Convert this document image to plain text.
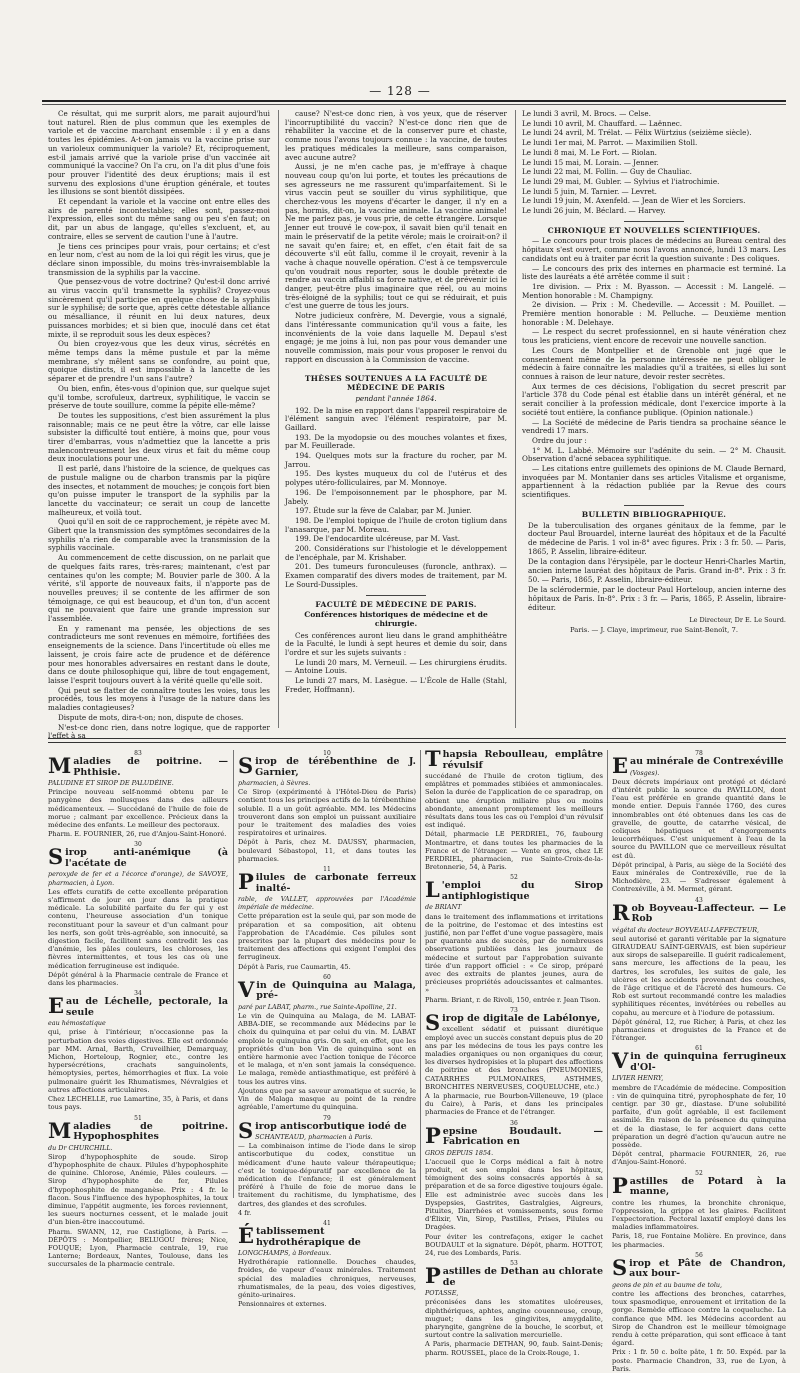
— 128 —

Ce résultat, qui me surprit alors, me parait aujourd'hui tout naturel. Rien de plus commun que les exemples de variole et de vaccine marchant ensemble : il y en a dans toutes les épidémies. A-t-on jamais vu la vaccine prise sur un varioleux communiquer la variole? Et, réciproquement, est-il jamais arrivé que la variole prise d'un vaccinée ait communiqué la vaccine? On l'a cru, on l'a dit plus d'une fois pour prouver l'identité des deux éruptions; mais il est survenu des explosions d'une éruption générale, et toutes les illusions se sont bientôt dissipées.

Et cependant la variole et la vaccine ont entre elles des airs de parenté incontestables; elles sont, passez-moi l'expression, elles sont du même sang ou peu s'en faut; on dit, par un abus de langage, qu'elles s'excluent, et, au contraire, elles se servent de caution l'une à l'autre.

Je tiens ces principes pour vrais, pour certains; et c'est en leur nom, c'est au nom de la loi qui régit les virus, que je déclare sinon impossible, du moins très-invraisemblable la transmission de la syphilis par la vaccine.

Que pensez-vous de votre doctrine? Qu'est-il donc arrivé au virus vaccin qu'il transmette la syphilis? Croyez-vous sincèrement qu'il participe en quelque chose de la syphilis sur le syphilisé; de sorte que, après cette détestable alliance ou mésalliance, il réunit en lui deux natures, deux puissances morbides; et si bien que, inoculé dans cet état mixte, il se reproduit sous les deux espèces?

Ou bien croyez-vous que les deux virus, sécrétés en même temps dans la même pustule et par la même membrane, s'y mêlent sans se confondre, au point que, quoique distincts, il est impossible à la lancette de les séparer et de prendre l'un sans l'autre?

Ou bien, enfin, êtes-vous d'opinion que, sur quelque sujet qu'il tombe, scrofuleux, dartreux, syphilitique, le vaccin se préserve de toute souillure, comme la pépite elle-même?

De toutes les suppositions, c'est bien assurément la plus raisonnable; mais ce ne peut être la vôtre, car elle laisse subsister la difficulté tout entière, à moins que, pour vous tirer d'embarras, vous n'admettiez que la lancette a pris malencontreusement les deux virus et fait du même coup deux inoculations pour une.

Il est parlé, dans l'histoire de la science, de quelques cas de pustule maligne ou de charbon transmis par la piqûre des insectes, et notamment de mouches; je conçois fort bien qu'on puisse imputer le transport de la syphilis par la lancette du vaccinateur; ce serait un coup de lancette malheureux, et voilà tout.

Quoi qu'il en soit de ce rapprochement, je répète avec M. Gibert que la transmission des symptômes secondaires de la syphilis n'a rien de comparable avec la transmission de la syphilis vaccinale.

Au commencement de cette discussion, on ne parlait que de quelques faits rares, très-rares; maintenant, c'est par centaines qu'on les compte; M. Bouvier parle de 300. A la vérité, s'il apporte de nouveaux faits, il n'apporte pas de nouvelles preuves; il se contente de les affirmer de son témoignage, ce qui est beaucoup, et d'un ton, d'un accent qui ne pouvaient que faire une grande impression sur l'assemblée.

En y ramenant ma pensée, les objections de ses contradicteurs me sont revenues en mémoire, fortifiées des enseignements de la science. Dans l'incertitude où elles me laissent, je crois faire acte de prudence et de déférence pour mes honorables adversaires en restant dans le doute, dans ce doute philosophique qui, libre de tout engagement, laisse l'esprit toujours ouvert à la vérité quelle qu'elle soit.

Qui peut se flatter de connaître toutes les voies, tous les procédés, tous les moyens à l'usage de la nature dans les maladies contagieuses?

Dispute de mots, dira-t-on; non, dispute de choses.

N'est-ce donc rien, dans notre logique, que de rapporter l'effet à sa

cause? N'est-ce donc rien, à vos yeux, que de réserver l'incorruptibilité du vaccin? N'est-ce donc rien que de réhabiliter la vaccine et de la conserver pure et chaste, comme nous l'avons toujours connue : la vaccine, de toutes les pratiques médicales la meilleure, sans comparaison, avec aucune autre?

Aussi, je ne m'en cache pas, je m'effraye à chaque nouveau coup qu'on lui porte, et toutes les précautions de ses agresseurs ne me rassurent qu'imparfaitement. Si le virus vaccin peut se souiller du virus syphilitique, que cherchez-vous les moyens d'écarter le danger, il n'y en a pas, hormis, dit-on, la vaccine animale. La vaccine animale! Ne me parlez pas, je vous prie, de cette étrangère. Lorsque Jenner eut trouvé le cow-pox, il savait bien qu'il tenait en main le préservatif de la petite vérole; mais le croirait-on? il ne savait qu'en faire; et, en effet, c'en était fait de sa découverte s'il eût fallu, comme il le croyait, revenir à la vache à chaque nouvelle opération. C'est à ce tempsvercule qu'on voudrait nous reporter, sous le double prétexte de rendre au vaccin affaibli sa force native, et de prévenir ici le danger, peut-être plus imaginaire que réel, ou au moins très-éloigné de la syphilis; tout ce qui se réduirait, et puis c'est une guerre de tous les jours.

Notre judicieux confrère, M. Devergie, vous a signalé, dans l'intéressante communication qu'il vous a faite, les inconvénients de la voie dans laquelle M. Depaul s'est engagé; je me joins à lui, non pas pour vous demander une nouvelle commission, mais pour vous proposer le renvoi du rapport en discussion à la Commission de vaccine.

THÈSES SOUTENUES A LA FACULTÉ DE MÉDECINE DE PARIS
pendant l'année 1864.

192. De la mise en rapport dans l'appareil respiratoire de l'élément sanguin avec l'élément respiratoire, par M. Gaillard.

193. De la myodopsie ou des mouches volantes et fixes, par M. Feuillerade.

194. Quelques mots sur la fracture du rocher, par M. Jarrou.

195. Des kystes muqueux du col de l'utérus et des polypes utéro-folliculaires, par M. Monnoye.

196. De l'empoisonnement par le phosphore, par M. Jabely.

197. Étude sur la fève de Calabar, par M. Junier.

198. De l'emploi topique de l'huile de croton tiglium dans l'anasarque, par M. Moreau.

199. De l'endocardite ulcéreuse, par M. Vast.

200. Considérations sur l'histologie et le développement de l'encéphale, par M. Krishaber.

201. Des tumeurs furonculeuses (furoncle, anthrax). — Examen comparatif des divers modes de traitement, par M. Le Sourd-Dussiples.

FACULTÉ DE MÉDECINE DE PARIS.
Conférences historiques de médecine et de chirurgie.

Ces conférences auront lieu dans le grand amphithéâtre de la Faculté, le lundi à sept heures et demie du soir, dans l'ordre et sur les sujets suivants :

Le lundi 20 mars, M. Verneuil. — Les chirurgiens érudits. — Antoine Louis.

Le lundi 27 mars, M. Lasègue. — L'École de Halle (Stahl, Freder, Hoffmann).

Le lundi 3 avril, M. Brocs. — Celse.

Le lundi 10 avril, M. Chauffard. — Laënnec.

Le lundi 24 avril, M. Trélat. — Félix Würtzius (seizième siècle).

Le lundi 1er mai, M. Parrot. — Maximilien Stoll.

Le lundi 8 mai, M. Le Fort. — Riolan.

Le lundi 15 mai, M. Lorain. — Jenner.

Le lundi 22 mai, M. Follin. — Guy de Chauliac.

Le lundi 29 mai, M. Gubler. — Sylvius et l'iatrochimie.

Le lundi 5 juin, M. Tarnier. — Levret.

Le lundi 19 juin, M. Axenfeld. — Jean de Wier et les Sorciers.

Le lundi 26 juin, M. Béclard. — Harvey.

CHRONIQUE ET NOUVELLES SCIENTIFIQUES.

— Le concours pour trois places de médecins au Bureau central des hôpitaux s'est ouvert, comme nous l'avons annoncé, lundi 13 mars. Les candidats ont eu à traiter par écrit la question suivante : Des coliques.

— Le concours des prix des internes en pharmacie est terminé. La liste des lauréats a été arrêtée comme il suit :

1re division. — Prix : M. Byasson. — Accessit : M. Langelé. — Mention honorable : M. Champigny.

2e division. — Prix : M. Chedeville. — Accessit : M. Pouillet. — Première mention honorable : M. Pelluche. — Deuxième mention honorable : M. Delehaye.

— Le respect du secret professionnel, en si haute vénération chez tous les praticiens, vient encore de recevoir une nouvelle sanction.

Les Cours de Montpellier et de Grenoble ont jugé que le consentement même de la personne intéressée ne peut obliger le médecin à faire connaître les maladies qu'il a traitées, si elles lui sont connues à raison de leur nature, devoir rester secrètes.

Aux termes de ces décisions, l'obligation du secret prescrit par l'article 378 du Code pénal est établie dans un intérêt général, et ne serait concilier à la profession médicale, dont l'exercice importe à la société tout entière, la confiance publique. (Opinion nationale.)

— La Société de médecine de Paris tiendra sa prochaine séance le vendredi 17 mars.

Ordre du jour :

1° M. L. Labbé. Mémoire sur l'adénite du sein. — 2° M. Chausit. Observation d'acné sebacea syphilitique.

— Les citations entre guillemets des opinions de M. Claude Bernard, invoquées par M. Montanier dans ses articles Vitalisme et organisme, appartiennent à la rédaction publiée par la Revue des cours scientifiques.

BULLETIN BIBLIOGRAPHIQUE.

De la tuberculisation des organes génitaux de la femme, par le docteur Paul Brouardel, interne lauréat des hôpitaux et de la Faculté de médecine de Paris. 1 vol in-8° avec figures. Prix : 3 fr. 50. — Paris, 1865, P. Asselin, libraire-éditeur.

De la contagion dans l'érysipèle, par le docteur Henri-Charles Martin, ancien interne lauréat des hôpitaux de Paris. Grand in-8°. Prix : 3 fr. 50. — Paris, 1865, P. Asselin, libraire-éditeur.

De la sclérodermie, par le docteur Paul Horteloup, ancien interne des hôpitaux de Paris. In-8°. Prix : 3 fr. — Paris, 1865, P. Asselin, libraire-éditeur.

Le Directeur, Dr E. Le Sourd.
Paris. — J. Claye, imprimeur, rue Saint-Benoît, 7.
83

Maladies de poitrine. — Phthisie.

PALUDINE ET SIROP DE PALUDÉINE.
Principe nouveau self-nommé obtenu par le panygène des mollusques dans des ailleurs médicamenteux. — Succédané de l'huile de foie de morue ; calmant par excellence. Précieux dans la médecine des enfants. Le meilleur des pectoraux.
Pharm. E. FOURNIER, 26, rue d'Anjou-Saint-Honoré.
30

Sirop anti-anémique (à l'acétate de

peroxyde de fer et a l'écorce d'orange), de SAVOYE, pharmacien, à Lyon.
Les effets curatifs de cette excellente préparation s'affirment de jour en jour dans la pratique médicale. La solubilité parfaite du fer qui y est contenu, l'heureuse association d'un tonique reconstituant pour la saveur et d'un calmant pour les nerfs, son goût très-agréable, son innocuité, sa digestion facile, facilitent sans contredit les cas d'anémie, les pâles couleurs, les chloroses, les fièvres intermittentes, et tous les cas où une médication ferrugineuse est indiquée.
Dépôt général à la Pharmacie centrale de France et dans les pharmacies.
34

Eau de Léchelle, pectorale, la seule

eau hémostatique
qui, prise à l'intérieur, n'occasionne pas la perturbation des voies digestives. Elle est ordonnée par MM. Arnal, Barth, Cruveilhier, Demarquay, Michon, Horteloup, Rognier, etc., contre les hypersécrétions, crachats sanguinolents, hémoptysies, pertes, hémorrhagies et flux. La voie pulmonaire guérit les Rhumatismes, Névralgies et autres affections articulaires.
Chez LECHELLE, rue Lamartine, 35, à Paris, et dans tous pays.
51

Maladies de poitrine. Hypophosphites

du Dr CHURCHILL.
Sirop d'hypophosphite de soude. Sirop d'hypophosphite de chaux. Pilules d'hypophosphite de quinine. Chlorose, Anémie, Pâles couleurs. — Sirop d'hypophosphite de fer, Pilules d'hypophosphite de manganèse. Prix : 4 fr. le flacon. Sous l'influence des hypophosphites, la toux diminue, l'appétit augmente, les forces reviennent, les sueurs nocturnes cessent, et le malade jouit d'un bien-être inaccoutumé.
Pharm. SWANN, 12, rue Castiglione, à Paris. — DÉPÔTS : Montpellier, BELUGOU frères; Nice, FOUQUE; Lyon, Pharmacie centrale, 19, rue Lanterne; Bordeaux, Nantes, Toulouse, dans les succursales de la pharmacie centrale.
10

Sirop de térébenthine de J. Garnier,

pharmacien, à Sèvres.
Ce Sirop (expérimenté à l'Hôtel-Dieu de Paris) contient tous les principes actifs de la térébenthine soluble. Il a un goût agréable. MM. les Médecins trouveront dans son emploi un puissant auxiliaire pour le traitement des maladies des voies respiratoires et urinaires.
Dépôt à Paris, chez M. DAUSSY, pharmacien, boulevard Sébastopol, 11, et dans toutes les pharmacies.
11

Pilules de carbonate ferreux inalté-

rable, de VALLET, approuvées par l'Académie impériale de médecine.
Cette préparation est la seule qui, par son mode de préparation et sa composition, ait obtenu l'approbation de l'Académie. Ces pilules sont prescrites par la plupart des médecins pour le traitement des affections qui exigent l'emploi des ferrugineux.
Dépôt à Paris, rue Caumartin, 45.
60

Vin de Quinquina au Malaga, pré-

paré par LABAT, pharm., rue Sainte-Apolline, 21.
Le vin de Quinquina au Malaga, de M. LABAT-ABBA-DIE, se recommande aux Médecins par le choix du quinquina et par celui du vin. M. LABAT emploie le quinquina gris. On sait, en effet, que les propriétés d'un bon Vin de quinquina sont en entière harmonie avec l'action tonique de l'écorce et le malaga, et n'en sont jamais la conséquence. Le malaga, remède antiasthmatique, est préféré à tous les autres vins.
Ajoutons que par sa saveur aromatique et sucrée, le Vin de Malaga masque au point de la rendre agréable, l'amertume du quinquina.
79

Sirop antiscorbutique iodé de

SCHANTEAUD, pharmacien à Paris.
— La combinaison intime de l'iode dans le sirop antiscorbutique du codex, constitue un médicament d'une haute valeur thérapeutique; c'est le tonique-dépuratif par excellence de la médication de l'enfance; il est généralement préféré à l'huile de foie de morue dans le traitement du rachitisme, du lymphatisme, des dartres, des glandes et des scrofules.
4 fr.
41

Établissement hydrothérapique de

LONGCHAMPS, à Bordeaux.
Hydrothérapie rationnelle. Douches chaudes, froides, de vapeur d'eaux minérales. Traitement spécial des maladies chroniques, nerveuses, rhumatismales, de la peau, des voies digestives, génito-urinaires.
Pensionnaires et externes.

Thapsia Reboulleau, emplâtre révulsif

succédané de l'huile de croton tiglium, des emplâtres et pommades stibiées et ammoniacales. Selon la durée de l'application de ce sparadrap, on obtient une éruption miliaire plus ou moins abondante, amenant promptement les meilleurs résultats dans tous les cas où l'emploi d'un révulsif est indiqué.
Détail, pharmacie LE PERDRIEL, 76, faubourg Montmartre, et dans toutes les pharmacies de la France et de l'étranger. — Vente en gros, chez LE PERDRIEL, pharmacien, rue Sainte-Croix-de-la-Bretonnerie, 54, à Paris.
52

L 'emploi du Sirop antiphlogistique

de BRIANT
dans le traitement des inflammations et irritations de la poitrine, de l'estomac et des intestins est justifié, non par l'effet d'une vogue passagère, mais par quarante ans de succès, par de nombreuses observations publiées dans les journaux de médecine et surtout par l'approbation suivante tirée d'un rapport officiel : « Ce sirop, préparé avec des extraits de plantes jeunes, aura de précieuses propriétés adoucissantes et calmantes. »
Pharm. Briant, r. de Rivoli, 150, entrée r. Jean Tison.
73

Sirop de digitale de Labélonye,

excellent sédatif et puissant diurétique employé avec un succès constant depuis plus de 20 ans par les médecins de tous les pays contre les maladies organiques ou non organiques du cœur, les diverses hydropisies et la plupart des affections de poitrine et des bronches (PNEUMONIES, CATARRHES PULMONAIRES, ASTHMES, BRONCHITES NERVEUSES, COQUELUCHE, etc.)
A la pharmacie, rue Bourbon-Villeneuve, 19 (place du Caire), à Paris, et dans les principales pharmacies de France et de l'étranger.
36

Pepsine Boudault. — Fabrication en

GROS DEPUIS 1854.
L'accueil que le Corps médical a fait à notre produit, et son emploi dans les hôpitaux, témoignent des soins consacrés apportés à sa préparation et de sa force digestive toujours égale. Elle est administrée avec succès dans les Dyspepsies, Gastrites, Gastralgies, Aigreurs, Pituites, Diarrhées et vomissements, sous forme d'Élixir, Vin, Sirop, Pastilles, Prises, Pilules ou Dragées.
Pour éviter les contrefaçons, exiger le cachet BOUDAULT et la signature. Dépôt, pharm. HOTTOT, 24, rue des Lombards, Paris.
53

Pastilles de Dethan au chlorate de

POTASSE,
préconisées dans les stomatites ulcéreuses, diphthériques, aphtes, angine couenneuse, croup, muguet; dans les gingivites, amygdalite, pharyngite, gangrène de la bouche, le scorbut, et surtout contre la salivation mercurielle.
A Paris, pharmacie DETHAN, 90, faub. Saint-Denis; pharm. ROUSSEL, place de la Croix-Rouge, 1.
78

Eau minérale de Contrexéville

(Vosges).
Deux décrets impériaux ont protégé et déclaré d'intérêt public la source du PAVILLON, dont l'eau est préférée en grande quantité dans le monde entier. Depuis l'année 1760, des cures innombrables ont été obtenues dans les cas de gravelle, de goutte, de catarrhe vésical, de coliques hépatiques et d'engorgements leucorrhéiques. C'est uniquement à l'eau de la source du PAVILLON que ce merveilleux résultat est dû.
Dépôt principal, à Paris, au siège de la Société des Eaux minérales de Contrexéville, rue de la Michodière, 23. — S'adresser également à Contrexéville, à M. Mermet, gérant.
43

Rob Boyveau-Laffecteur. — Le Rob

végétal du docteur BOYVEAU-LAFFECTEUR,
seul autorisé et garanti véritable par la signature GIRAUDEAU SAINT-GERVAIS, est bien supérieur aux sirops de salsepareille. Il guérit radicalement, sans mercure, les affections de la peau, les dartres, les scrofules, les suites de gale, les ulcères et les accidents provenant des couches, de l'âge critique et de l'âcreté des humeurs. Ce Rob est surtout recommandé contre les maladies syphilitiques récentes, invétérées ou rebelles au copahu, au mercure et à l'iodure de potassium.
Dépôt général, 12, rue Richer, à Paris, et chez les pharmaciens et droguistes de la France et de l'étranger.
61

Vin de quinquina ferrugineux d'Ol-

LIVIER HENRY,
membre de l'Académie de médecine. Composition : vin de quinquina titré, pyrophosphate de fer, 10 centigr. par 30 gr., diastase. D'une solubilité parfaite, d'un goût agréable, il est facilement assimilé. En raison de la présence du quinquina et de la diastase, le fer acquiert dans cette préparation un degré d'action qu'aucun autre ne possède.
Dépôt central, pharmacie FOURNIER, 26, rue d'Anjou-Saint-Honoré.
52

Pastilles de Potard à la manne,

contre les rhumes, la bronchite chronique, l'oppression, la grippe et les glaires. Facilitent l'expectoration. Pectoral laxatif employé dans les maladies inflammatoires.
Paris, 18, rue Fontaine Molière. En province, dans les pharmacies.
56

Sirop et Pâte de Chandron, aux bour-

geons de pin et au baume de tolu,
contre les affections des bronches, catarrhes, toux spasmodique, enrouement et irritation de la gorge. Remède efficace contre la coqueluche. La confiance que MM. les Médecins accordent au Sirop de Chandron est le meilleur témoignage rendu à cette préparation, qui sont efficace à tant égard.
Prix : 1 fr. 50 c. boîte pâte, 1 fr. 50. Expéd. par la poste. Pharmacie Chandron, 33, rue de Lyon, à Paris.
